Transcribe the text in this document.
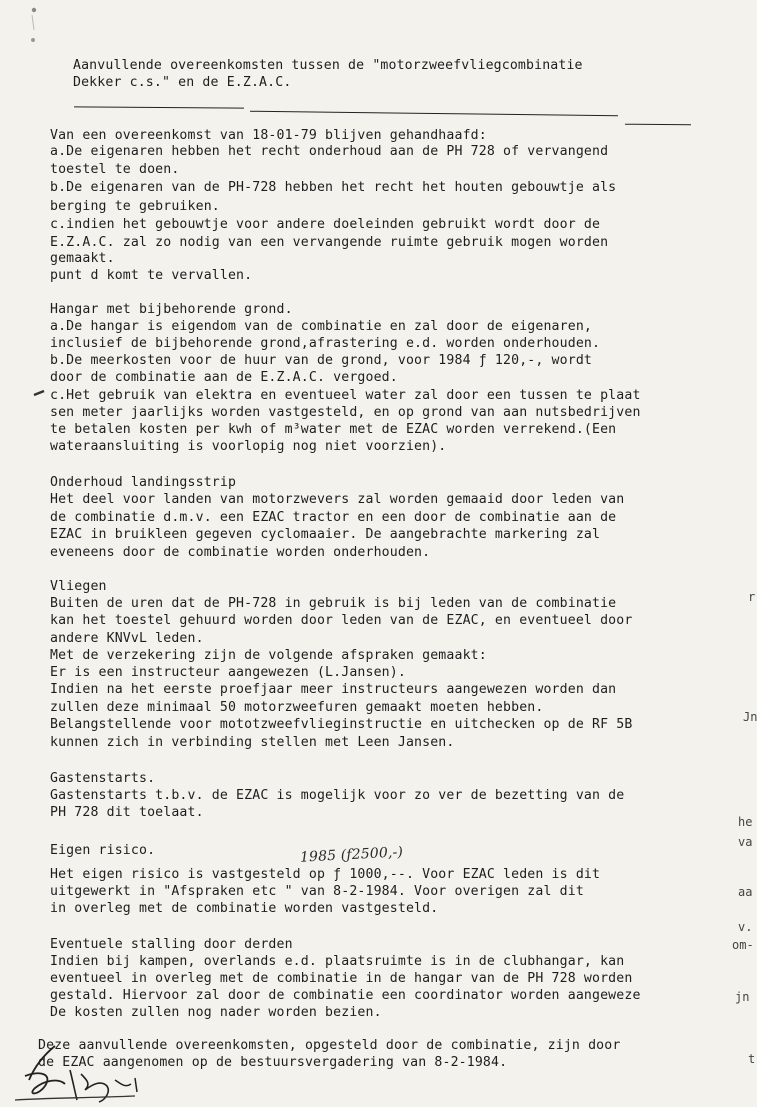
Aanvullende overeenkomsten tussen de "motorzweefvliegcombinatie
Dekker c.s." en de E.Z.A.C.
Van een overeenkomst van 18-01-79 blijven gehandhaafd:
a.De eigenaren hebben het recht onderhoud aan de PH 728 of vervangend
toestel te doen.
b.De eigenaren van de PH-728 hebben het recht het houten gebouwtje als
berging te gebruiken.
c.indien het gebouwtje voor andere doeleinden gebruikt wordt door de
E.Z.A.C. zal zo nodig van een vervangende ruimte gebruik mogen worden
gemaakt.
punt d komt te vervallen.
Hangar met bijbehorende grond.
a.De hangar is eigendom van de combinatie en zal door de eigenaren,
inclusief de bijbehorende grond,afrastering e.d. worden onderhouden.
b.De meerkosten voor de huur van de grond, voor 1984 ƒ 120,-, wordt
door de combinatie aan de E.Z.A.C. vergoed.
c.Het gebruik van elektra en eventueel water zal door een tussen te plaat
sen meter jaarlijks worden vastgesteld, en op grond van aan nutsbedrijven
te betalen kosten per kwh of m³water met de EZAC worden verrekend.(Een
wateraansluiting is voorlopig nog niet voorzien).
Onderhoud landingsstrip
Het deel voor landen van motorzwevers zal worden gemaaid door leden van
de combinatie d.m.v. een EZAC tractor en een door de combinatie aan de
EZAC in bruikleen gegeven cyclomaaier. De aangebrachte markering zal
eveneens door de combinatie worden onderhouden.
Vliegen
Buiten de uren dat de PH-728 in gebruik is bij leden van de combinatie
kan het toestel gehuurd worden door leden van de EZAC, en eventueel door
andere KNVvL leden.
Met de verzekering zijn de volgende afspraken gemaakt:
Er is een instructeur aangewezen (L.Jansen).
Indien na het eerste proefjaar meer instructeurs aangewezen worden dan
zullen deze minimaal 50 motorzweefuren gemaakt moeten hebben.
Belangstellende voor mototzweefvlieginstructie en uitchecken op de RF 5B
kunnen zich in verbinding stellen met Leen Jansen.
Gastenstarts.
Gastenstarts t.b.v. de EZAC is mogelijk voor zo ver de bezetting van de
PH 728 dit toelaat.
1985 (ƒ2500,-)
Eigen risico.
Het eigen risico is vastgesteld op ƒ 1000,--. Voor EZAC leden is dit
uitgewerkt in "Afspraken etc " van 8-2-1984. Voor overigen zal dit
in overleg met de combinatie worden vastgesteld.
Eventuele stalling door derden
Indien bij kampen, overlands e.d. plaatsruimte is in de clubhangar, kan
eventueel in overleg met de combinatie in de hangar van de PH 728 worden
gestald. Hiervoor zal door de combinatie een coordinator worden aangeweze
De kosten zullen nog nader worden bezien.
Deze aanvullende overeenkomsten, opgesteld door de combinatie, zijn door
de EZAC aangenomen op de bestuursvergadering van 8-2-1984.
Jn
he
va
aa
v.
om-
jn
r
t
